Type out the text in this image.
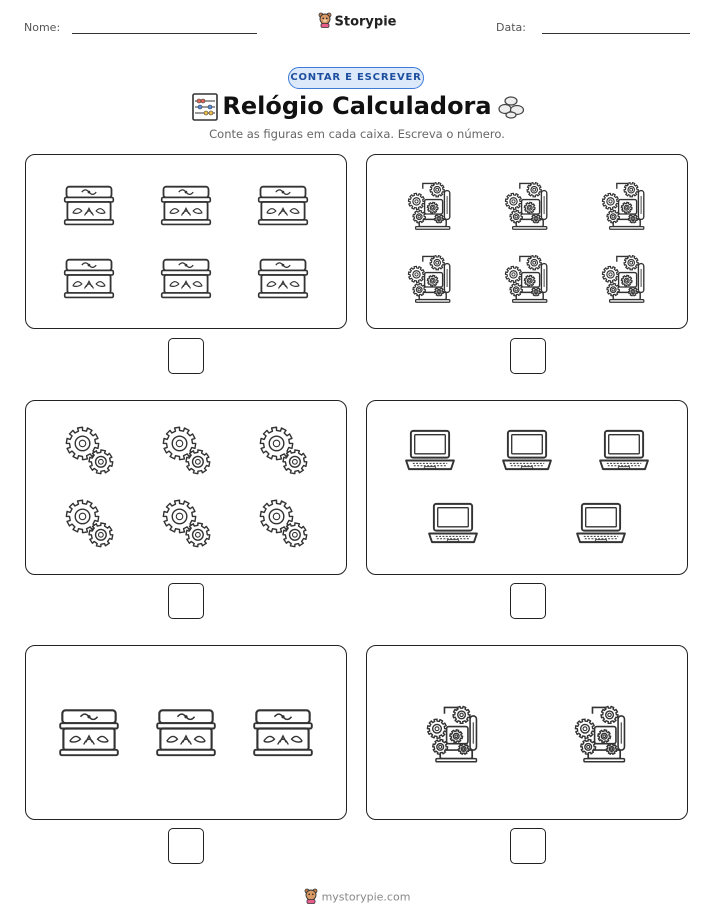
Nome:	Storypie	Data:
CONTAR E ESCREVER
Relógio Calculadora
Conte as figuras em cada caixa. Escreva o número.
mystorypie.com
